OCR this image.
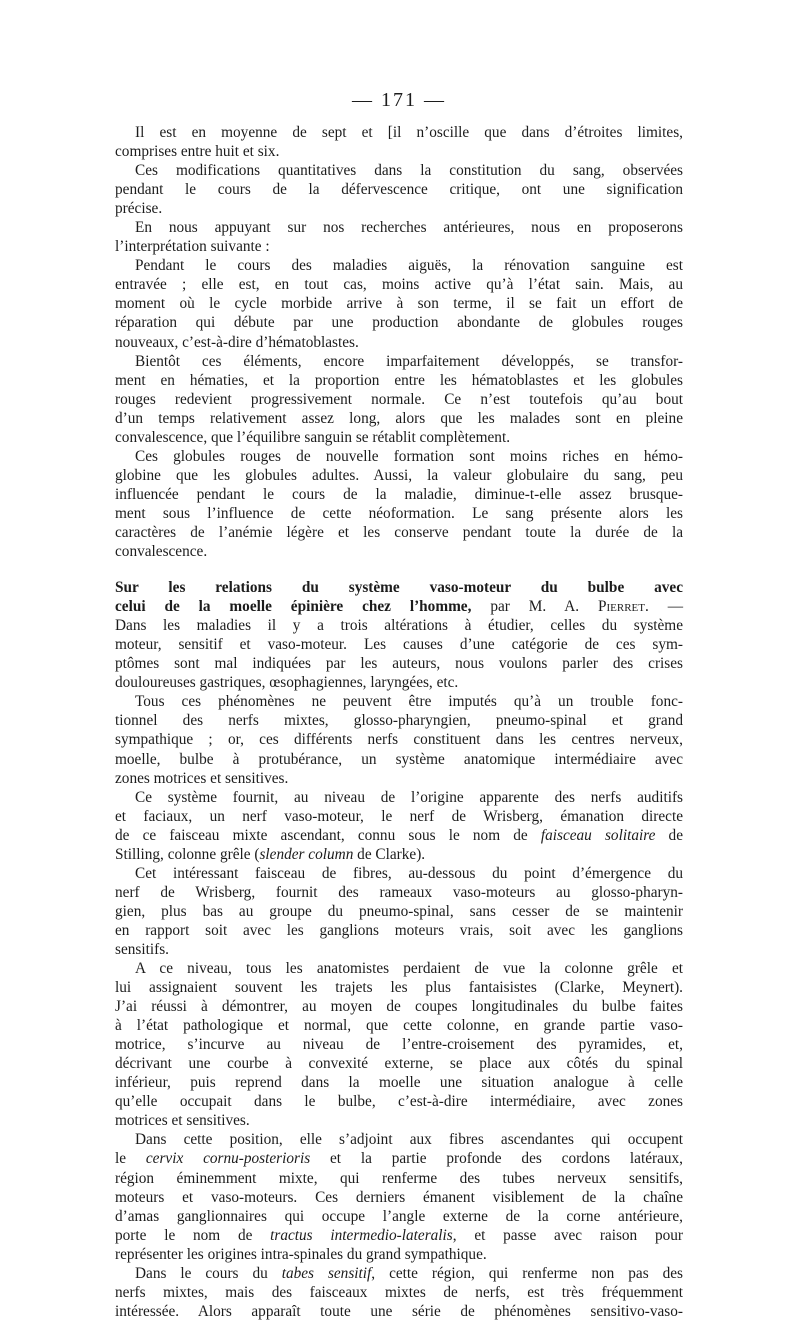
— 171 —
Il est en moyenne de sept et [il n’oscille que dans d’étroites limites,
comprises entre huit et six.
Ces modifications quantitatives dans la constitution du sang, observées
pendant le cours de la défervescence critique, ont une signification
précise.
En nous appuyant sur nos recherches antérieures, nous en proposerons
l’interprétation suivante :
Pendant le cours des maladies aiguës, la rénovation sanguine est
entravée ; elle est, en tout cas, moins active qu’à l’état sain. Mais, au
moment où le cycle morbide arrive à son terme, il se fait un effort de
réparation qui débute par une production abondante de globules rouges
nouveaux, c’est-à-dire d’hématoblastes.
Bientôt ces éléments, encore imparfaitement développés, se transfor-
ment en hématies, et la proportion entre les hématoblastes et les globules
rouges redevient progressivement normale. Ce n’est toutefois qu’au bout
d’un temps relativement assez long, alors que les malades sont en pleine
convalescence, que l’équilibre sanguin se rétablit complètement.
Ces globules rouges de nouvelle formation sont moins riches en hémo-
globine que les globules adultes. Aussi, la valeur globulaire du sang, peu
influencée pendant le cours de la maladie, diminue-t-elle assez brusque-
ment sous l’influence de cette néoformation. Le sang présente alors les
caractères de l’anémie légère et les conserve pendant toute la durée de la
convalescence.
Sur les relations du système vaso-moteur du bulbe avec
celui de la moelle épinière chez l’homme, par M. A. Pierret. —
Dans les maladies il y a trois altérations à étudier, celles du système
moteur, sensitif et vaso-moteur. Les causes d’une catégorie de ces sym-
ptômes sont mal indiquées par les auteurs, nous voulons parler des crises
douloureuses gastriques, œsophagiennes, laryngées, etc.
Tous ces phénomènes ne peuvent être imputés qu’à un trouble fonc-
tionnel des nerfs mixtes, glosso-pharyngien, pneumo-spinal et grand
sympathique ; or, ces différents nerfs constituent dans les centres nerveux,
moelle, bulbe à protubérance, un système anatomique intermédiaire avec
zones motrices et sensitives.
Ce système fournit, au niveau de l’origine apparente des nerfs auditifs
et faciaux, un nerf vaso-moteur, le nerf de Wrisberg, émanation directe
de ce faisceau mixte ascendant, connu sous le nom de faisceau solitaire de
Stilling, colonne grêle (slender column de Clarke).
Cet intéressant faisceau de fibres, au-dessous du point d’émergence du
nerf de Wrisberg, fournit des rameaux vaso-moteurs au glosso-pharyn-
gien, plus bas au groupe du pneumo-spinal, sans cesser de se maintenir
en rapport soit avec les ganglions moteurs vrais, soit avec les ganglions
sensitifs.
A ce niveau, tous les anatomistes perdaient de vue la colonne grêle et
lui assignaient souvent les trajets les plus fantaisistes (Clarke, Meynert).
J’ai réussi à démontrer, au moyen de coupes longitudinales du bulbe faites
à l’état pathologique et normal, que cette colonne, en grande partie vaso-
motrice, s’incurve au niveau de l’entre-croisement des pyramides, et,
décrivant une courbe à convexité externe, se place aux côtés du spinal
inférieur, puis reprend dans la moelle une situation analogue à celle
qu’elle occupait dans le bulbe, c’est-à-dire intermédiaire, avec zones
motrices et sensitives.
Dans cette position, elle s’adjoint aux fibres ascendantes qui occupent
le cervix cornu-posterioris et la partie profonde des cordons latéraux,
région éminemment mixte, qui renferme des tubes nerveux sensitifs,
moteurs et vaso-moteurs. Ces derniers émanent visiblement de la chaîne
d’amas ganglionnaires qui occupe l’angle externe de la corne antérieure,
porte le nom de tractus intermedio-lateralis, et passe avec raison pour
représenter les origines intra-spinales du grand sympathique.
Dans le cours du tabes sensitif, cette région, qui renferme non pas des
nerfs mixtes, mais des faisceaux mixtes de nerfs, est très fréquemment
intéressée. Alors apparaît toute une série de phénomènes sensitivo-vaso-
